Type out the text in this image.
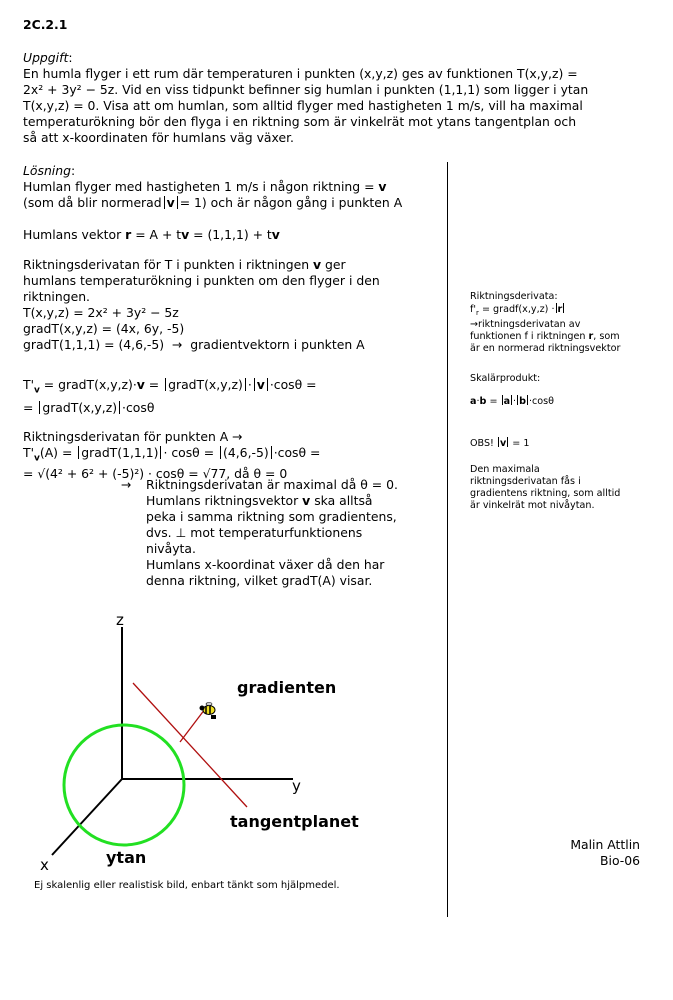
2C.2.1
Uppgift:
En humla flyger i ett rum där temperaturen i punkten (x,y,z) ges av funktionen T(x,y,z) =
2x² + 3y² − 5z. Vid en viss tidpunkt befinner sig humlan i punkten (1,1,1) som ligger i ytan
T(x,y,z) = 0. Visa att om humlan, som alltid flyger med hastigheten 1 m/s, vill ha maximal
temperaturökning bör den flyga i en riktning som är vinkelrät mot ytans tangentplan och
så att x-koordinaten för humlans väg växer.
Lösning:
Humlan flyger med hastigheten 1 m/s i någon riktning = v
(som då blir normerad v = 1) och är någon gång i punkten A
Humlans vektor r = A + tv = (1,1,1) + tv
Riktningsderivatan för T i punkten i riktningen v ger
humlans temperaturökning i punkten om den flyger i den
riktningen.
T(x,y,z) = 2x² + 3y² − 5z
gradT(x,y,z) = (4x, 6y, -5)
gradT(1,1,1) = (4,6,-5) → gradientvektorn i punkten A
$T'_v$ = gradT(x,y,z)·v = gradT(x,y,z) · v ·cosθ =
= gradT(x,y,z) ·cosθ
Riktningsderivatan för punkten A →
$T'_v(A)$ = gradT(1,1,1) · cosθ = (4,6,-5) ·cosθ =
= √(4² + 6² + (-5)²) · cosθ = √77, då θ = 0
→ Riktningsderivatan är maximal då θ = 0.
Humlans riktningsvektor v ska alltså
peka i samma riktning som gradientens,
dvs. ⊥ mot temperaturfunktionens
nivåyta.
Humlans x-koordinat växer då den har
denna riktning, vilket gradT(A) visar.
Riktningsderivata:
$f'_r$ = gradf(x,y,z) · r
→riktningsderivatan av
funktionen f i riktningen r, som
är en normerad riktningsvektor
Skalärprodukt:
a·b = a · b ·cosθ
OBS! v = 1
Den maximala
riktningsderivatan fås i
gradientens riktning, som alltid
är vinkelrät mot nivåytan.
z
y
x
gradienten
tangentplanet
ytan
Ej skalenlig eller realistisk bild, enbart tänkt som hjälpmedel.
Malin Attlin
Bio-06
